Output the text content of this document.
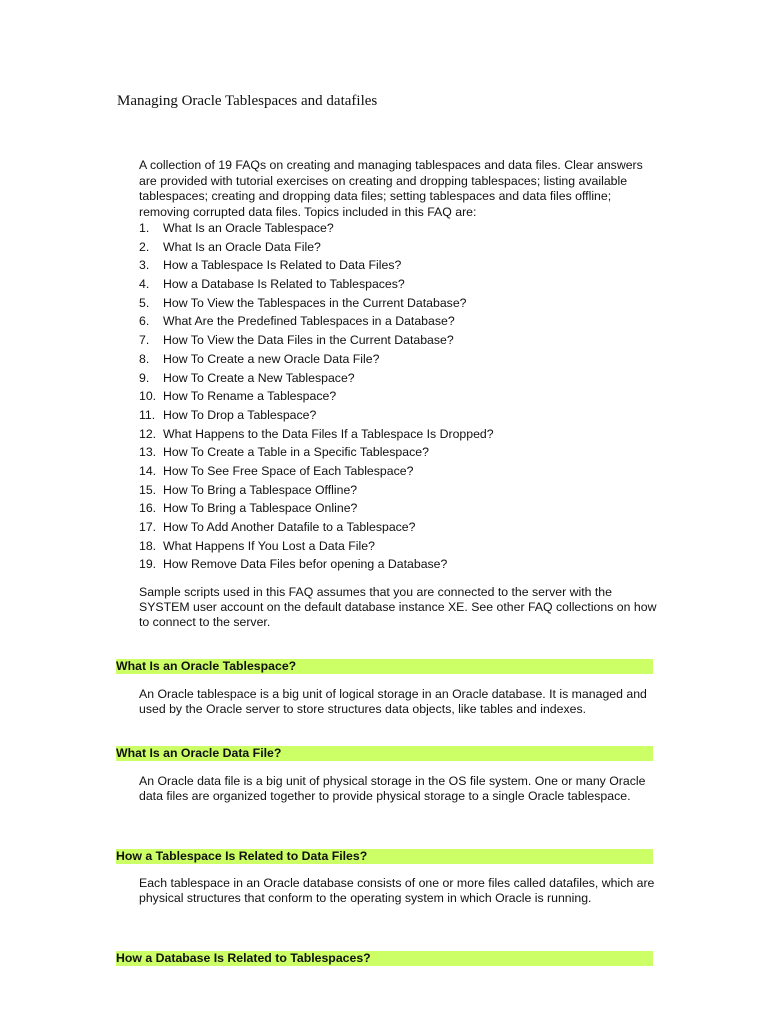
Managing Oracle Tablespaces and datafiles

A collection of 19 FAQs on creating and managing tablespaces and data files. Clear answers are provided with tutorial exercises on creating and dropping tablespaces; listing available tablespaces; creating and dropping data files; setting tablespaces and data files offline; removing corrupted data files. Topics included in this FAQ are:

1.	What Is an Oracle Tablespace?
2.	What Is an Oracle Data File?
3.	How a Tablespace Is Related to Data Files?
4.	How a Database Is Related to Tablespaces?
5.	How To View the Tablespaces in the Current Database?
6.	What Are the Predefined Tablespaces in a Database?
7.	How To View the Data Files in the Current Database?
8.	How To Create a new Oracle Data File?
9.	How To Create a New Tablespace?
10. How To Rename a Tablespace?
11. How To Drop a Tablespace?
12. What Happens to the Data Files If a Tablespace Is Dropped?
13. How To Create a Table in a Specific Tablespace?
14. How To See Free Space of Each Tablespace?
15. How To Bring a Tablespace Offline?
16. How To Bring a Tablespace Online?
17. How To Add Another Datafile to a Tablespace?
18. What Happens If You Lost a Data File?
19. How Remove Data Files befor opening a Database?

Sample scripts used in this FAQ assumes that you are connected to the server with the SYSTEM user account on the default database instance XE. See other FAQ collections on how to connect to the server.

What Is an Oracle Tablespace?

An Oracle tablespace is a big unit of logical storage in an Oracle database. It is managed and used by the Oracle server to store structures data objects, like tables and indexes.

What Is an Oracle Data File?

An Oracle data file is a big unit of physical storage in the OS file system. One or many Oracle data files are organized together to provide physical storage to a single Oracle tablespace.

How a Tablespace Is Related to Data Files?

Each tablespace in an Oracle database consists of one or more files called datafiles, which are physical structures that conform to the operating system in which Oracle is running.

How a Database Is Related to Tablespaces?
